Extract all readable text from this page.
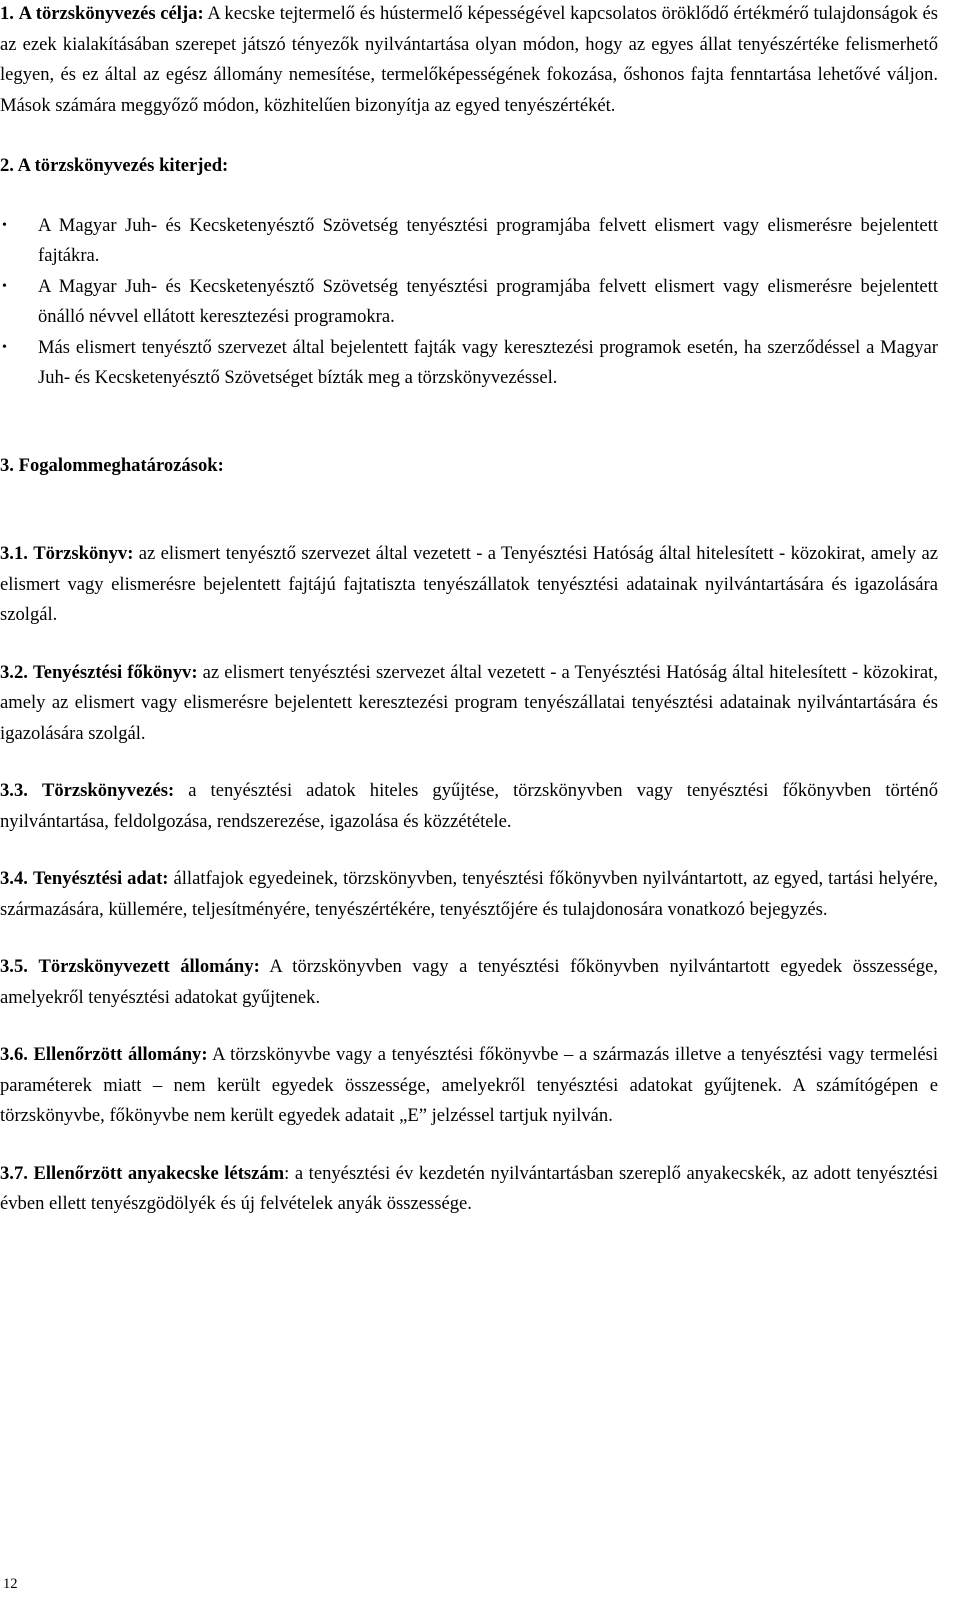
1. A törzskönyvezés célja: A kecske tejtermelő és hústermelő képességével kapcsolatos öröklődő értékmérő tulajdonságok és az ezek kialakításában szerepet játszó tényezők nyilvántartása olyan módon, hogy az egyes állat tenyészértéke felismerhető legyen, és ez által az egész állomány nemesítése, termelőképességének fokozása, őshonos fajta fenntartása lehetővé váljon. Mások számára meggyőző módon, közhitelűen bizonyítja az egyed tenyészértékét.

2. A törzskönyvezés kiterjed:

• A Magyar Juh- és Kecsketenyésztő Szövetség tenyésztési programjába felvett elismert vagy elismerésre bejelentett fajtákra.
• A Magyar Juh- és Kecsketenyésztő Szövetség tenyésztési programjába felvett elismert vagy elismerésre bejelentett önálló névvel ellátott keresztezési programokra.
• Más elismert tenyésztő szervezet által bejelentett fajták vagy keresztezési programok esetén, ha szerződéssel a Magyar Juh- és Kecsketenyésztő Szövetséget bízták meg a törzskönyvezéssel.

3. Fogalommeghatározások:

3.1. Törzskönyv: az elismert tenyésztő szervezet által vezetett - a Tenyésztési Hatóság által hitelesített - közokirat, amely az elismert vagy elismerésre bejelentett fajtájú fajtatiszta tenyészállatok tenyésztési adatainak nyilvántartására és igazolására szolgál.

3.2. Tenyésztési főkönyv: az elismert tenyésztési szervezet által vezetett - a Tenyésztési Hatóság által hitelesített - közokirat, amely az elismert vagy elismerésre bejelentett keresztezési program tenyészállatai tenyésztési adatainak nyilvántartására és igazolására szolgál.

3.3. Törzskönyvezés: a tenyésztési adatok hiteles gyűjtése, törzskönyvben vagy tenyésztési főkönyvben történő nyilvántartása, feldolgozása, rendszerezése, igazolása és közzététele.

3.4. Tenyésztési adat: állatfajok egyedeinek, törzskönyvben, tenyésztési főkönyvben nyilvántartott, az egyed, tartási helyére, származására, küllemére, teljesítményére, tenyészértékére, tenyésztőjére és tulajdonosára vonatkozó bejegyzés.

3.5. Törzskönyvezett állomány: A törzskönyvben vagy a tenyésztési főkönyvben nyilvántartott egyedek összessége, amelyekről tenyésztési adatokat gyűjtenek.

3.6. Ellenőrzött állomány: A törzskönyvbe vagy a tenyésztési főkönyvbe – a származás illetve a tenyésztési vagy termelési paraméterek miatt – nem került egyedek összessége, amelyekről tenyésztési adatokat gyűjtenek. A számítógépen e törzskönyvbe, főkönyvbe nem került egyedek adatait „E” jelzéssel tartjuk nyilván.

3.7. Ellenőrzött anyakecske létszám: a tenyésztési év kezdetén nyilvántartásban szereplő anyakecskék, az adott tenyésztési évben ellett tenyészgödölyék és új felvételek anyák összessége.

12
